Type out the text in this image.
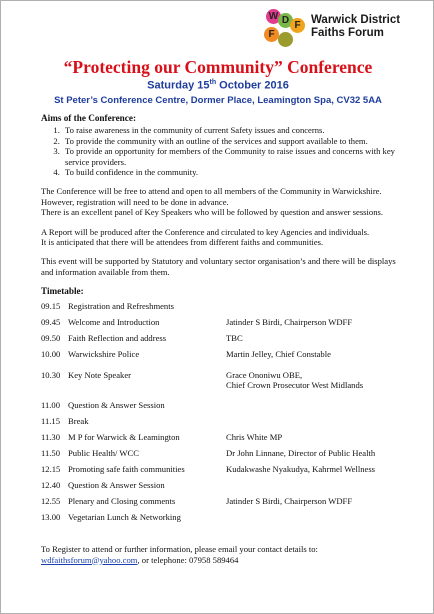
W D F
F
Warwick District
Faiths Forum
“Protecting our Community” Conference
Saturday 15th October 2016
St Peter’s Conference Centre, Dormer Place, Leamington Spa, CV32 5AA
Aims of the Conference:
1. To raise awareness in the community of current Safety issues and concerns.
2. To provide the community with an outline of the services and support available to them.
3. To provide an opportunity for members of the Community to raise issues and concerns with key service providers.
4. To build confidence in the community.

The Conference will be free to attend and open to all members of the Community in Warwickshire. However, registration will need to be done in advance.
There is an excellent panel of Key Speakers who will be followed by question and answer sessions.

A Report will be produced after the Conference and circulated to key Agencies and individuals.
It is anticipated that there will be attendees from different faiths and communities.

This event will be supported by Statutory and voluntary sector organisation’s and there will be displays and information available from them.

Timetable:
09.15 Registration and Refreshments
09.45 Welcome and Introduction	Jatinder S Birdi, Chairperson WDFF
09.50 Faith Reflection and address	TBC
10.00 Warwickshire Police	Martin Jelley, Chief Constable
10.30 Key Note Speaker	Grace Ononiwu OBE,
Chief Crown Prosecutor West Midlands
11.00 Question & Answer Session
11.15 Break
11.30 M P for Warwick & Leamington	Chris White MP
11.50 Public Health/ WCC	Dr John Linnane, Director of Public Health
12.15 Promoting safe faith communities	Kudakwashe Nyakudya, Kahrmel Wellness
12.40 Question & Answer Session
12.55 Plenary and Closing comments	Jatinder S Birdi, Chairperson WDFF
13.00 Vegetarian Lunch & Networking
To Register to attend or further information, please email your contact details to:
wdfaithsforum@yahoo.com, or telephone: 07958 589464
